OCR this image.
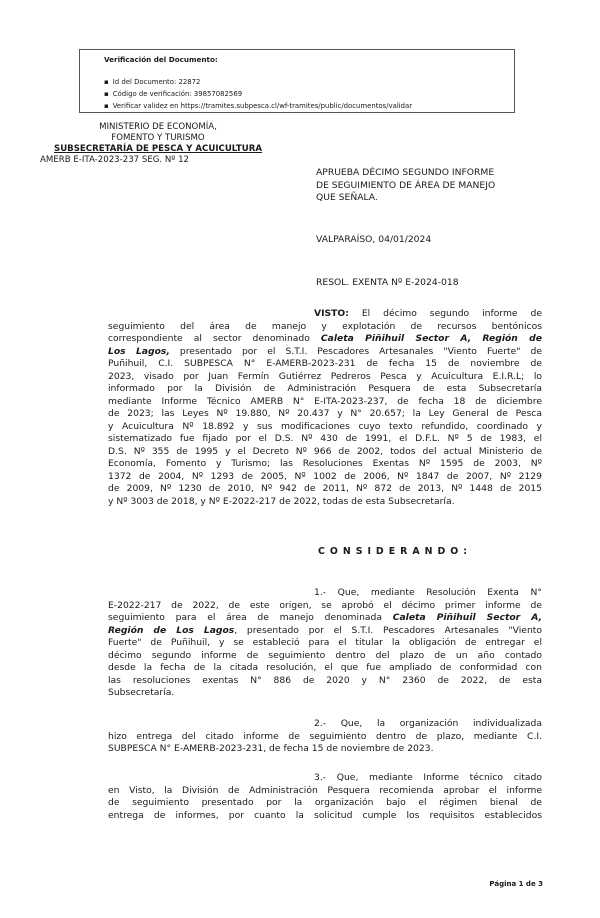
Verificación del Documento:
▪ Id del Documento: 22872
▪ Código de verificación: 39857082569
▪ Verificar validez en https://tramites.subpesca.cl/wf-tramites/public/documentos/validar
MINISTERIO DE ECONOMÍA,
FOMENTO Y TURISMO
SUBSECRETARÍA DE PESCA Y ACUICULTURA
AMERB E-ITA-2023-237 SEG. Nº 12
APRUEBA DÉCIMO SEGUNDO INFORME
DE SEGUIMIENTO DE ÁREA DE MANEJO
QUE SEÑALA.
VALPARAÍSO, 04/01/2024
RESOL. EXENTA Nº E-2024-018
VISTO: El décimo segundo informe de
seguimiento del área de manejo y explotación de recursos bentónicos
correspondiente al sector denominado Caleta Piñihuil Sector A, Región de
Los Lagos, presentado por el S.T.I. Pescadores Artesanales "Viento Fuerte" de
Puñihuil, C.I. SUBPESCA N° E-AMERB-2023-231 de fecha 15 de noviembre de
2023, visado por Juan Fermín Gutiérrez Pedreros Pesca y Acuicultura E.I.R.L; lo
informado por la División de Administración Pesquera de esta Subsecretaría
mediante Informe Técnico AMERB N° E-ITA-2023-237, de fecha 18 de diciembre
de 2023; las Leyes Nº 19.880, Nº 20.437 y N° 20.657; la Ley General de Pesca
y Acuicultura Nº 18.892 y sus modificaciones cuyo texto refundido, coordinado y
sistematizado fue fijado por el D.S. Nº 430 de 1991, el D.F.L. Nº 5 de 1983, el
D.S. Nº 355 de 1995 y el Decreto Nº 966 de 2002, todos del actual Ministerio de
Economía, Fomento y Turismo; las Resoluciones Exentas Nº 1595 de 2003, Nº
1372 de 2004, Nº 1293 de 2005, Nº 1002 de 2006, Nº 1847 de 2007, Nº 2129
de 2009, Nº 1230 de 2010, Nº 942 de 2011, Nº 872 de 2013, Nº 1448 de 2015
y Nº 3003 de 2018, y Nº E-2022-217 de 2022, todas de esta Subsecretaría.
CONSIDERANDO:
1.- Que, mediante Resolución Exenta N°
E-2022-217 de 2022, de este origen, se aprobó el décimo primer informe de
seguimiento para el área de manejo denominada Caleta Piñihuil Sector A,
Región de Los Lagos, presentado por el S.T.I. Pescadores Artesanales "Viento
Fuerte" de Puñihuil, y se estableció para el titular la obligación de entregar el
décimo segundo informe de seguimiento dentro del plazo de un año contado
desde la fecha de la citada resolución, el que fue ampliado de conformidad con
las resoluciones exentas N° 886 de 2020 y N° 2360 de 2022, de esta
Subsecretaría.
2.- Que, la organización individualizada
hizo entrega del citado informe de seguimiento dentro de plazo, mediante C.I.
SUBPESCA N° E-AMERB-2023-231, de fecha 15 de noviembre de 2023.
3.- Que, mediante Informe técnico citado
en Visto, la División de Administración Pesquera recomienda aprobar el informe
de seguimiento presentado por la organización bajo el régimen bienal de
entrega de informes, por cuanto la solicitud cumple los requisitos establecidos
Página 1 de 3
